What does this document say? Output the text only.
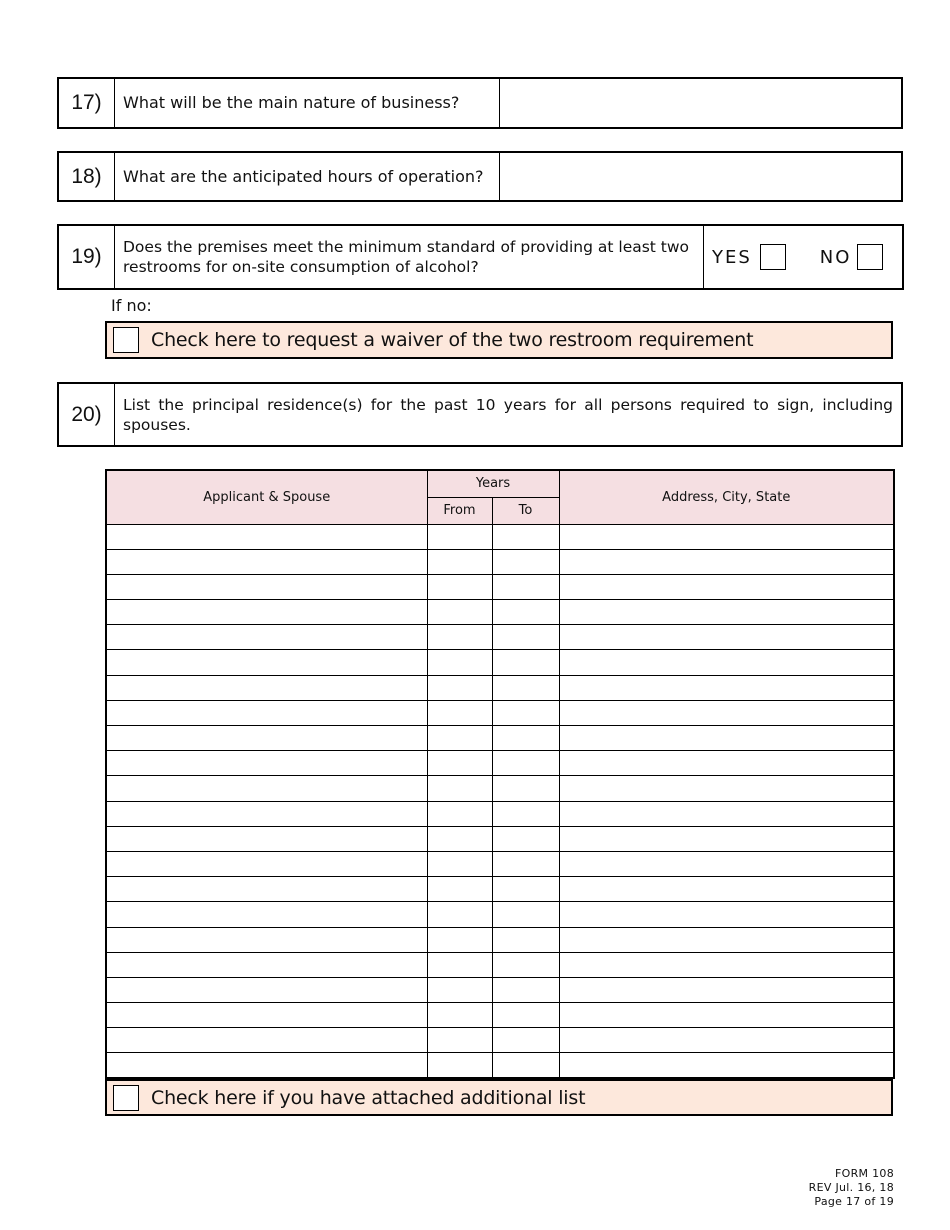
17)	What will be the main nature of business?
18)	What are the anticipated hours of operation?
19)	Does the premises meet the minimum standard of providing at least two restrooms for on-site consumption of alcohol?	YES	NO
If no:
Check here to request a waiver of the two restroom requirement
20)	List the principal residence(s) for the past 10 years for all persons required to sign, including spouses.
Applicant & Spouse	Years		Address, City, State
	From	To	

Check here if you have attached additional list
FORM 108
REV Jul. 16, 18
Page 17 of 19
